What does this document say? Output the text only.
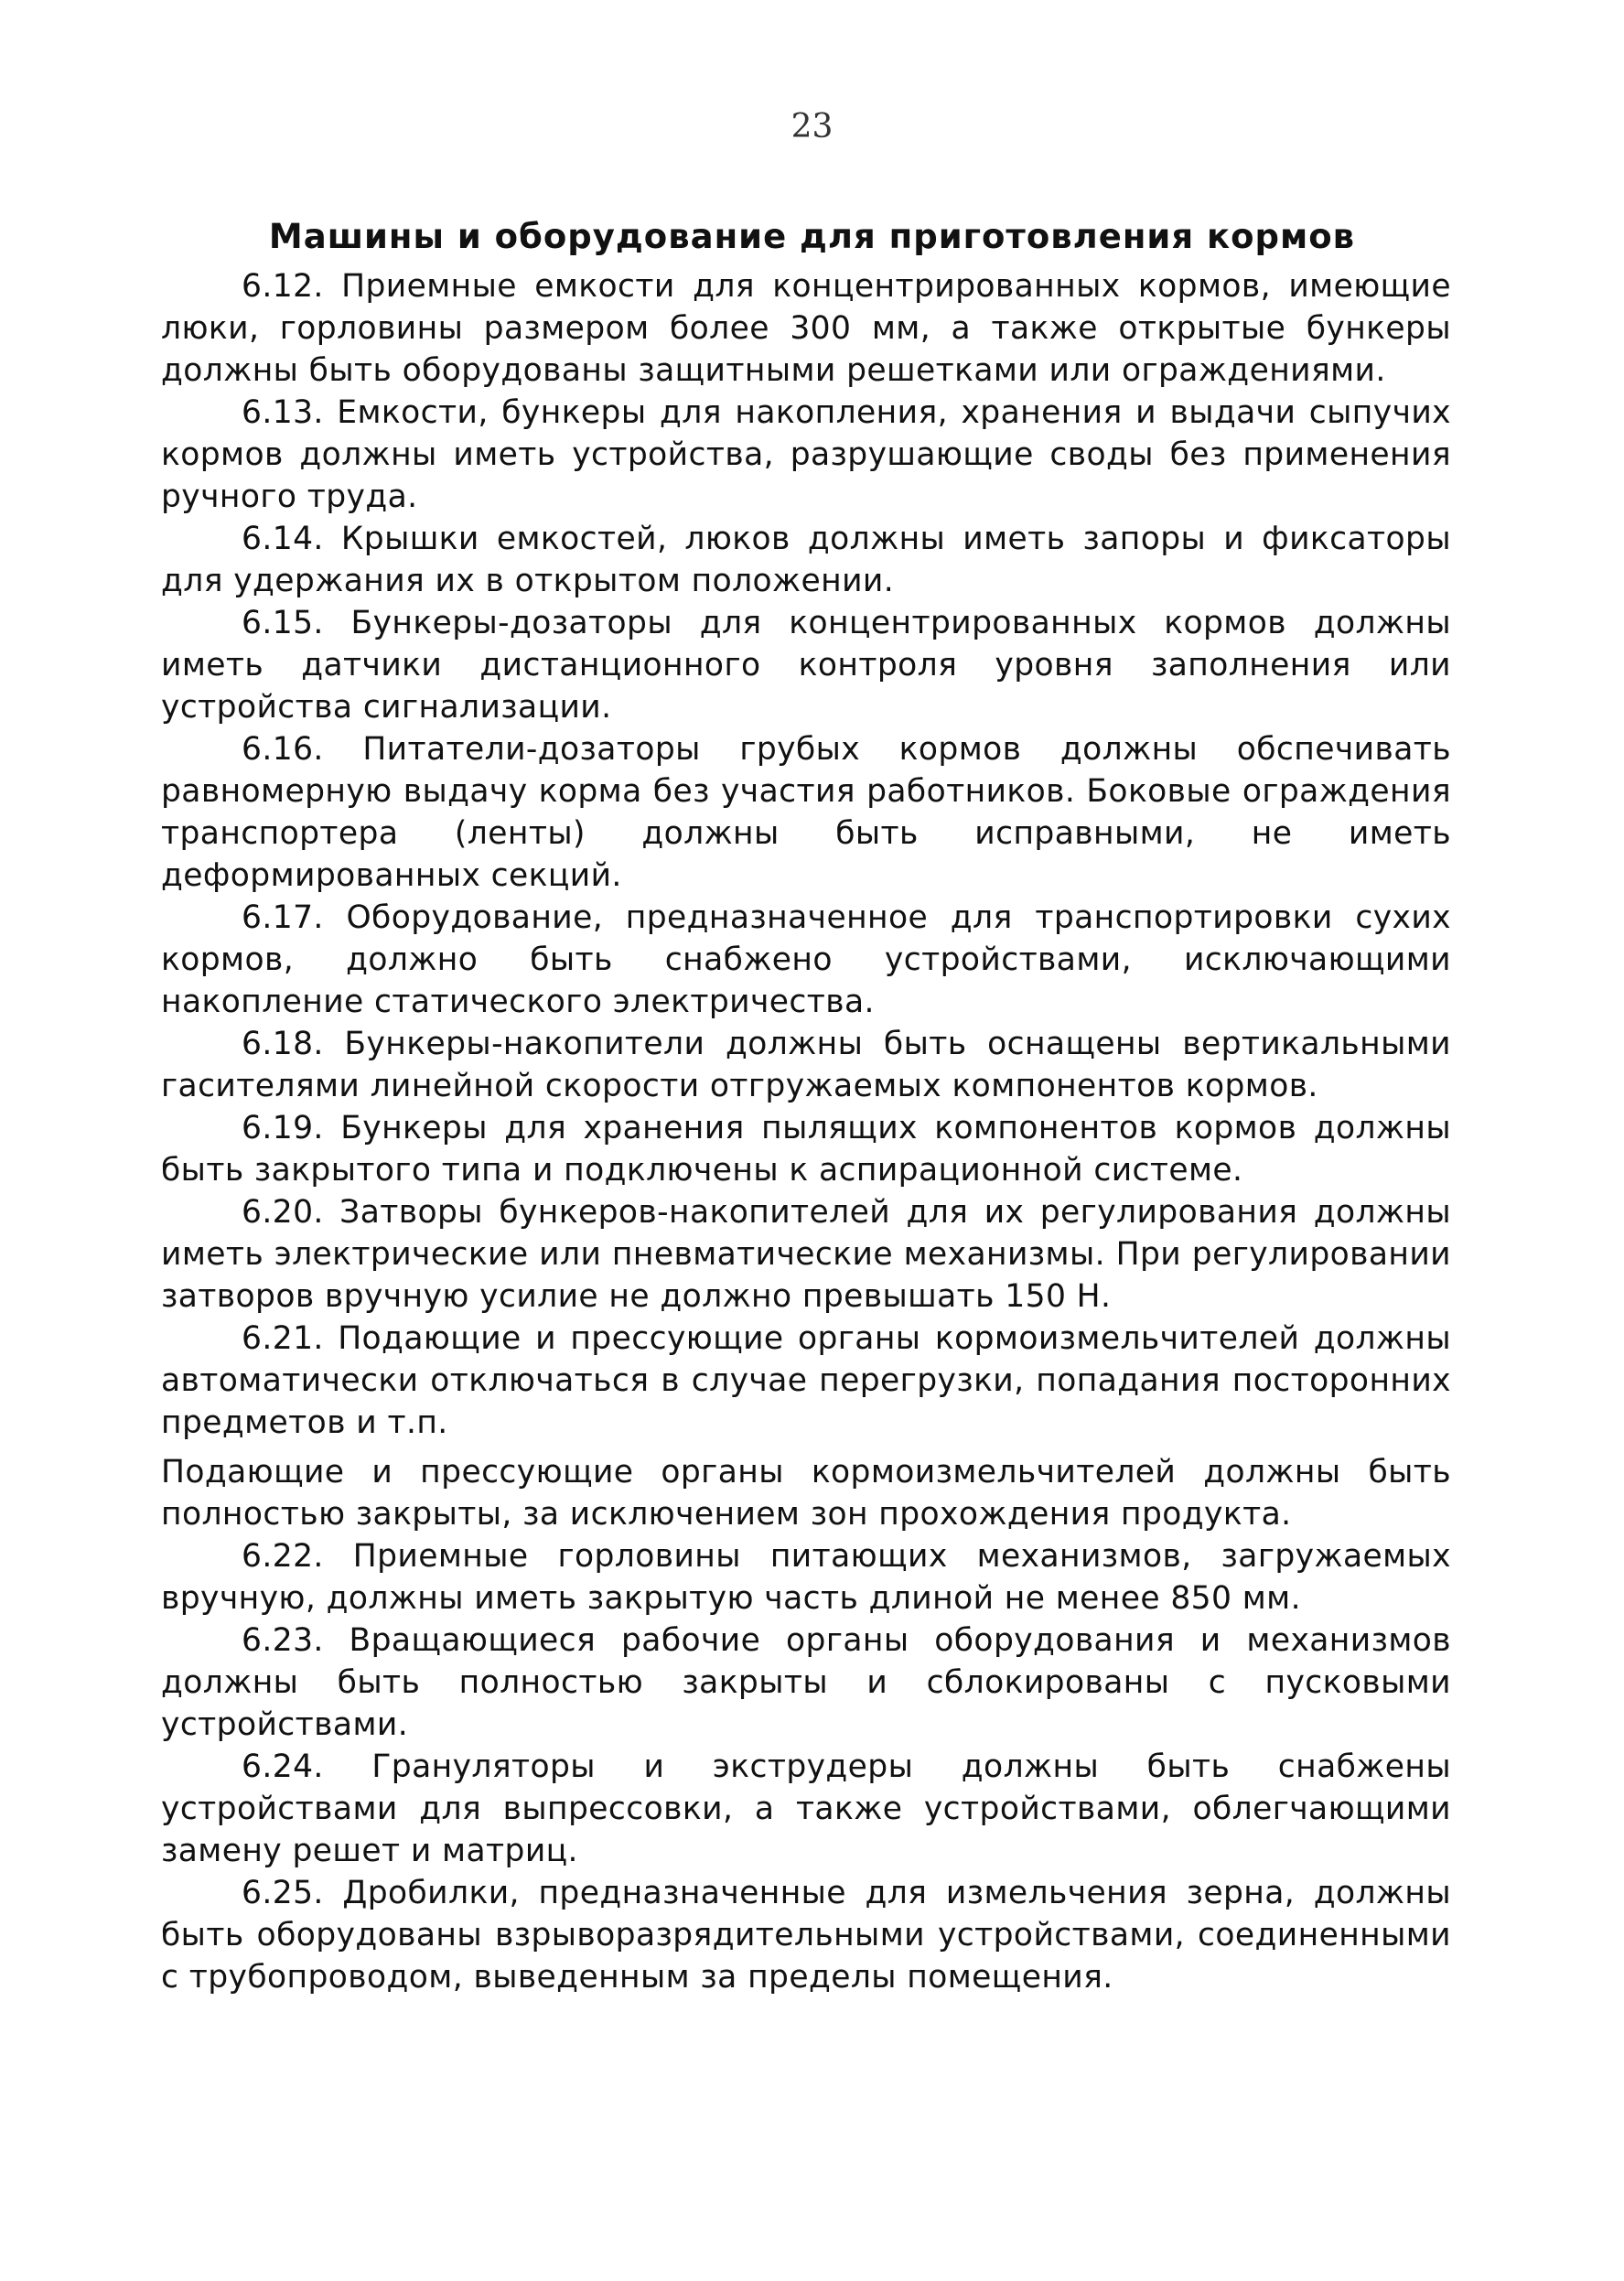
23
Машины и оборудование для приготовления кормов

6.12. Приемные емкости для концентрированных кормов, имеющие люки, горловины размером более 300 мм, а также открытые бункеры должны быть оборудованы защитными решетками или ограждениями.

6.13. Емкости, бункеры для накопления, хранения и выдачи сыпучих кормов должны иметь устройства, разрушающие своды без применения ручного труда.

6.14. Крышки емкостей, люков должны иметь запоры и фиксаторы для удержания их в открытом положении.

6.15. Бункеры-дозаторы для концентрированных кормов должны иметь датчики дистанционного контроля уровня заполнения или устройства сигнализации.

6.16. Питатели-дозаторы грубых кормов должны обспечивать равномерную выдачу корма без участия работников. Боковые ограждения транспортера (ленты) должны быть исправными, не иметь деформированных секций.

6.17. Оборудование, предназначенное для транспортировки сухих кормов, должно быть снабжено устройствами, исключающими накопление статического электричества.

6.18. Бункеры-накопители должны быть оснащены вертикальными гасителями линейной скорости отгружаемых компонентов кормов.

6.19. Бункеры для хранения пылящих компонентов кормов должны быть закрытого типа и подключены к аспирационной системе.

6.20. Затворы бункеров-накопителей для их регулирования должны иметь электрические или пневматические механизмы. При регулировании затворов вручную усилие не должно превышать 150 Н.

6.21. Подающие и прессующие органы кормоизмельчителей должны автоматически отключаться в случае перегрузки, попадания посторонних предметов и т.п.

Подающие и прессующие органы кормоизмельчителей должны быть полностью закрыты, за исключением зон прохождения продукта.

6.22. Приемные горловины питающих механизмов, загружаемых вручную, должны иметь закрытую часть длиной не менее 850 мм.

6.23. Вращающиеся рабочие органы оборудования и механизмов должны быть полностью закрыты и сблокированы с пусковыми устройствами.

6.24. Грануляторы и экструдеры должны быть снабжены устройствами для выпрессовки, а также устройствами, облегчающими замену решет и матриц.

6.25. Дробилки, предназначенные для измельчения зерна, должны быть оборудованы взрыворазрядительными устройствами, соединенными с трубопроводом, выведенным за пределы помещения.
